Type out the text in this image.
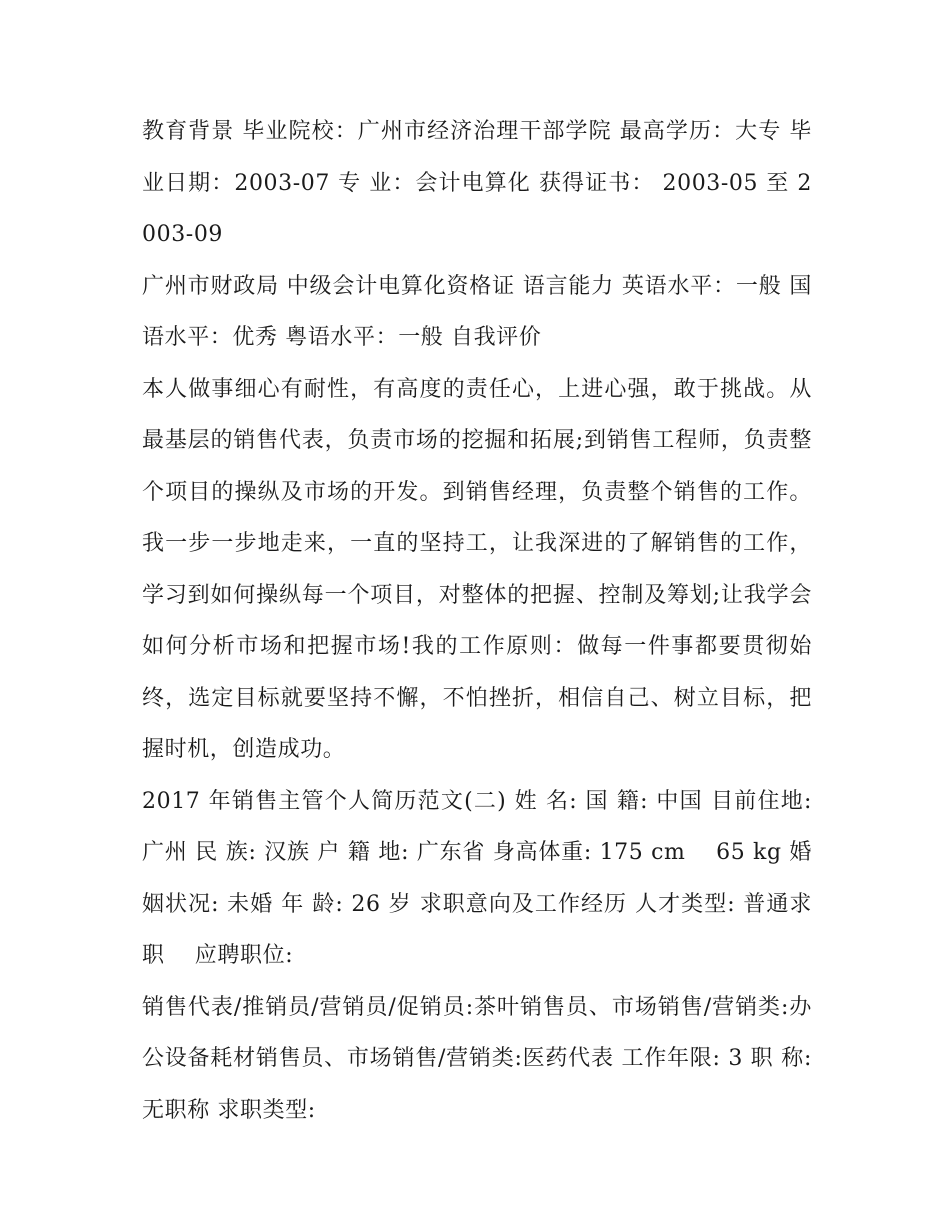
教育背景 毕业院校：广州市经济治理干部学院 最高学历：大专 毕业日期：2003-07 专 业：会计电算化 获得证书： 2003-05 至 2003-09

广州市财政局 中级会计电算化资格证 语言能力 英语水平：一般 国语水平：优秀 粤语水平：一般 自我评价

本人做事细心有耐性，有高度的责任心，上进心强，敢于挑战。从最基层的销售代表，负责市场的挖掘和拓展;到销售工程师，负责整个项目的操纵及市场的开发。到销售经理，负责整个销售的工作。我一步一步地走来，一直的坚持工，让我深进的了解销售的工作，学习到如何操纵每一个项目，对整体的把握、控制及筹划;让我学会如何分析市场和把握市场!我的工作原则：做每一件事都要贯彻始终，选定目标就要坚持不懈，不怕挫折，相信自己、树立目标，把握时机，创造成功。

2017 年销售主管个人简历范文(二) 姓 名: 国 籍: 中国 目前住地: 广州 民 族: 汉族 户 籍 地: 广东省 身高体重: 175 cm　 65 kg 婚姻状况: 未婚 年 龄: 26 岁 求职意向及工作经历 人才类型: 普通求职　 应聘职位:

销售代表/推销员/营销员/促销员:茶叶销售员、市场销售/营销类:办公设备耗材销售员、市场销售/营销类:医药代表 工作年限: 3 职 称: 无职称 求职类型:
